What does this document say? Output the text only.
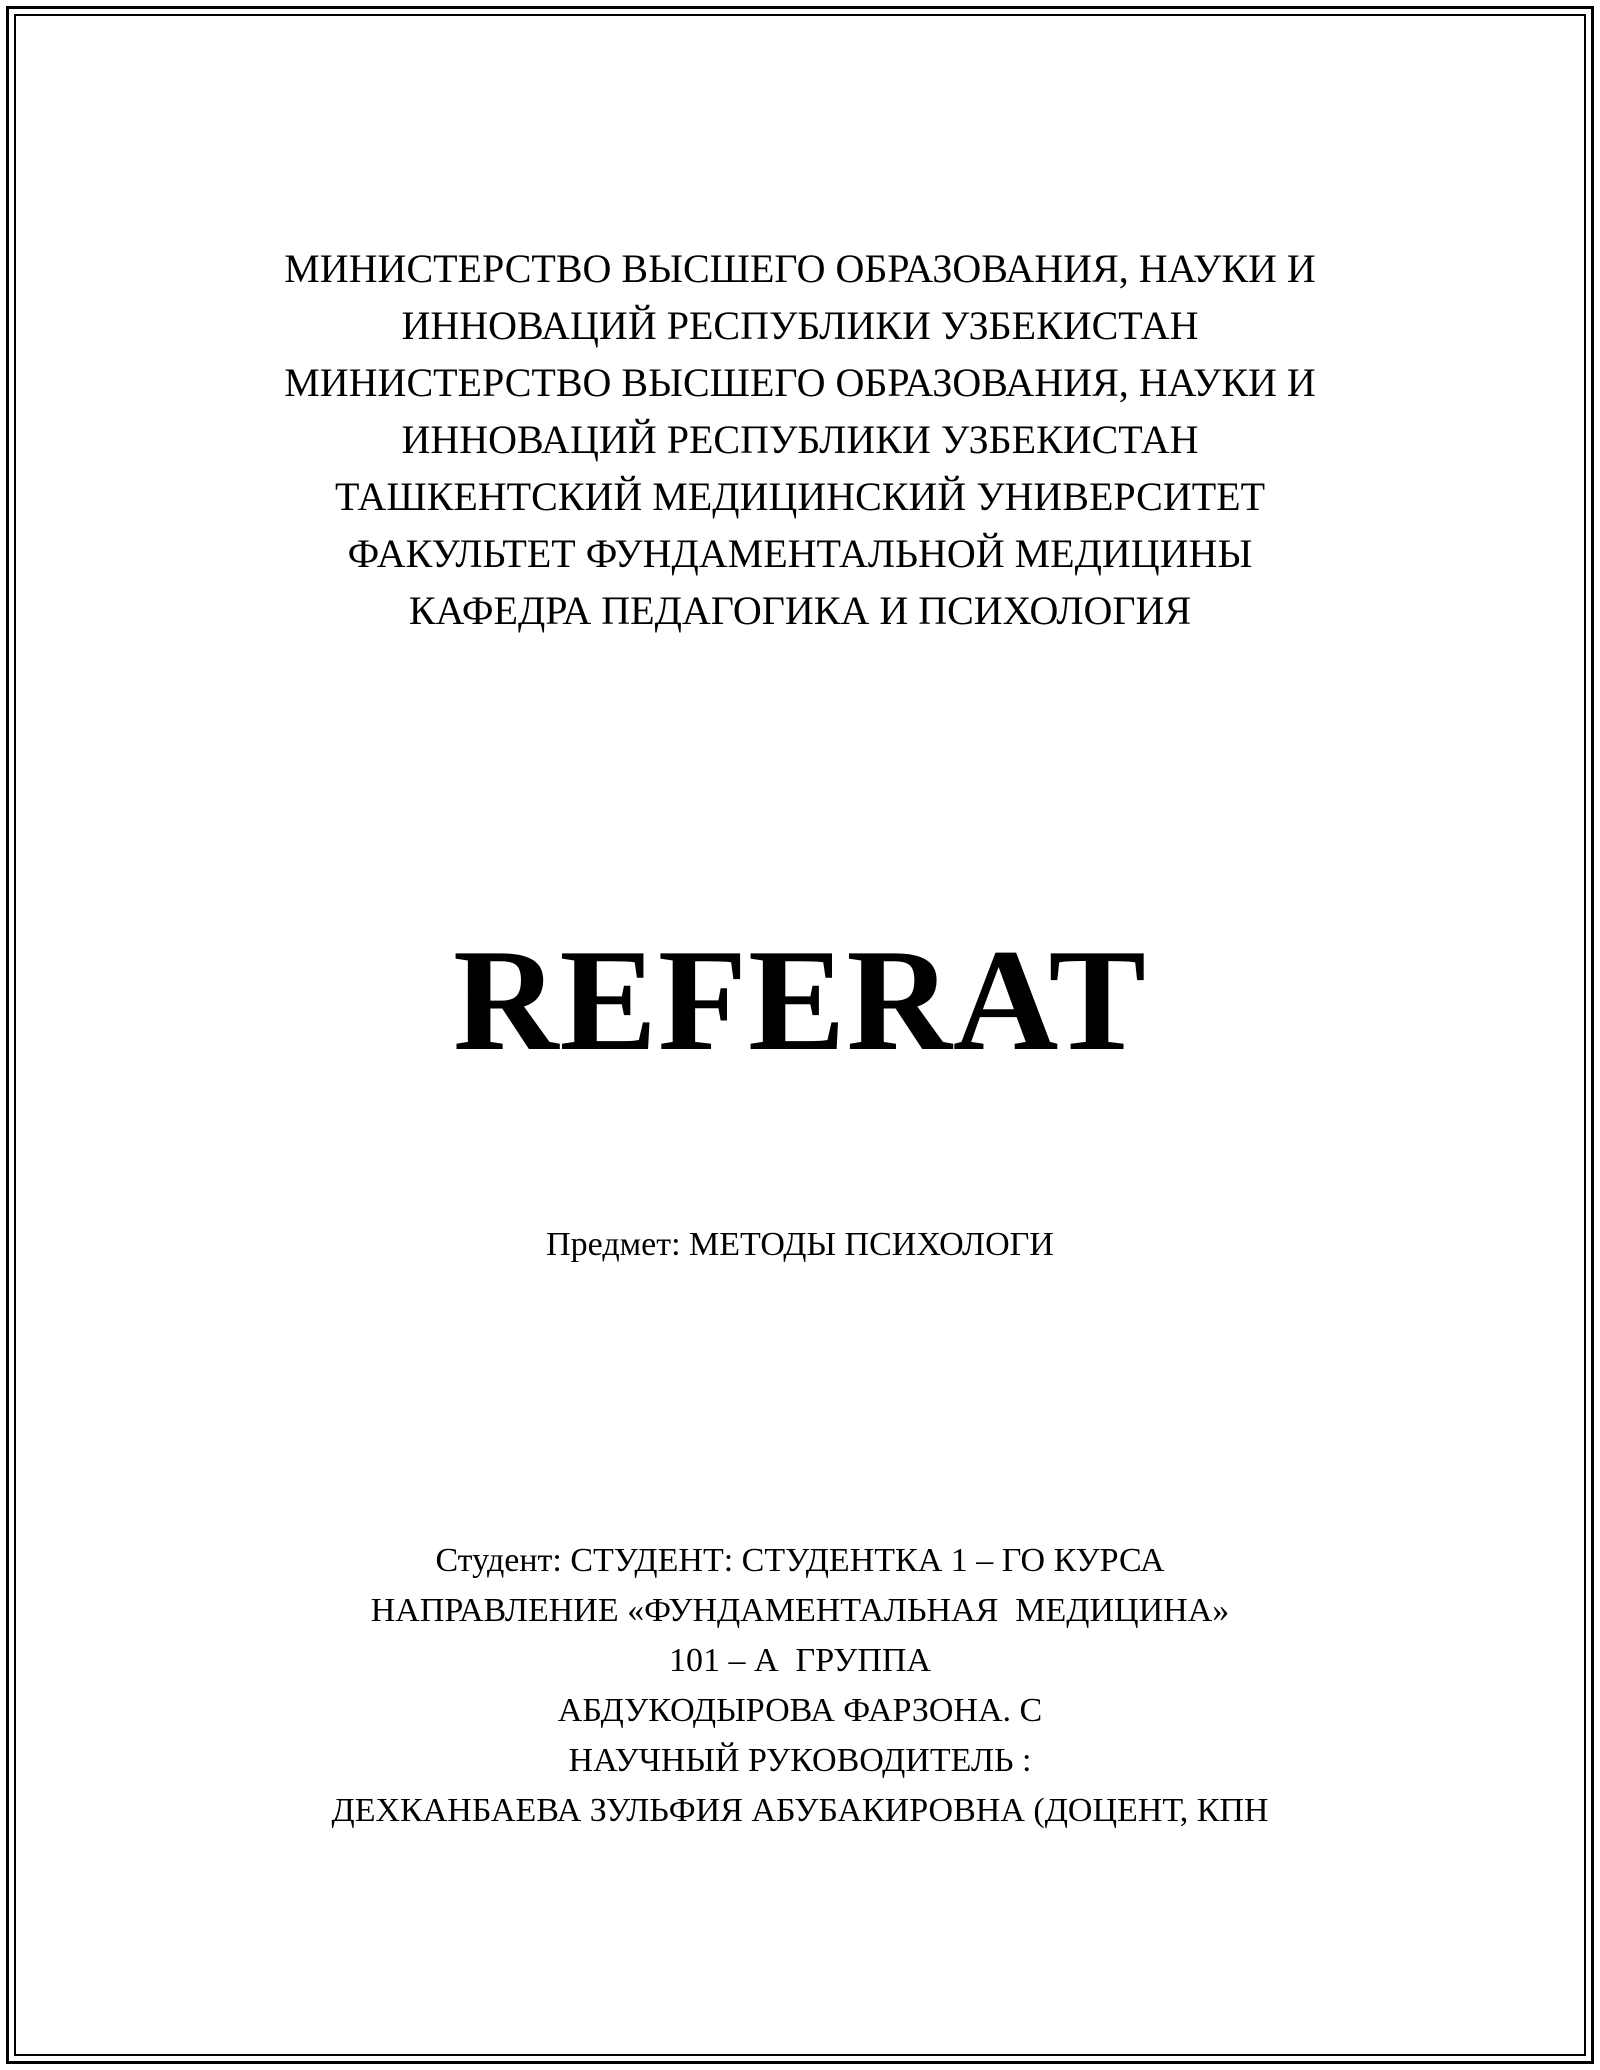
МИНИСТЕРСТВО ВЫСШЕГО ОБРАЗОВАНИЯ, НАУКИ И
ИННОВАЦИЙ РЕСПУБЛИКИ УЗБЕКИСТАН
МИНИСТЕРСТВО ВЫСШЕГО ОБРАЗОВАНИЯ, НАУКИ И
ИННОВАЦИЙ РЕСПУБЛИКИ УЗБЕКИСТАН
ТАШКЕНТСКИЙ МЕДИЦИНСКИЙ УНИВЕРСИТЕТ
ФАКУЛЬТЕТ ФУНДАМЕНТАЛЬНОЙ МЕДИЦИНЫ
КАФЕДРА ПЕДАГОГИКА И ПСИХОЛОГИЯ
REFERAT
Предмет: МЕТОДЫ ПСИХОЛОГИ
Студент: СТУДЕНТ: СТУДЕНТКА 1 – ГО КУРСА
НАПРАВЛЕНИЕ «ФУНДАМЕНТАЛЬНАЯ  МЕДИЦИНА»
101 – А  ГРУППА
АБДУКОДЫРОВА ФАРЗОНА. С
НАУЧНЫЙ РУКОВОДИТЕЛЬ :
ДЕХКАНБАЕВА ЗУЛЬФИЯ АБУБАКИРОВНА (ДОЦЕНТ, КПН
